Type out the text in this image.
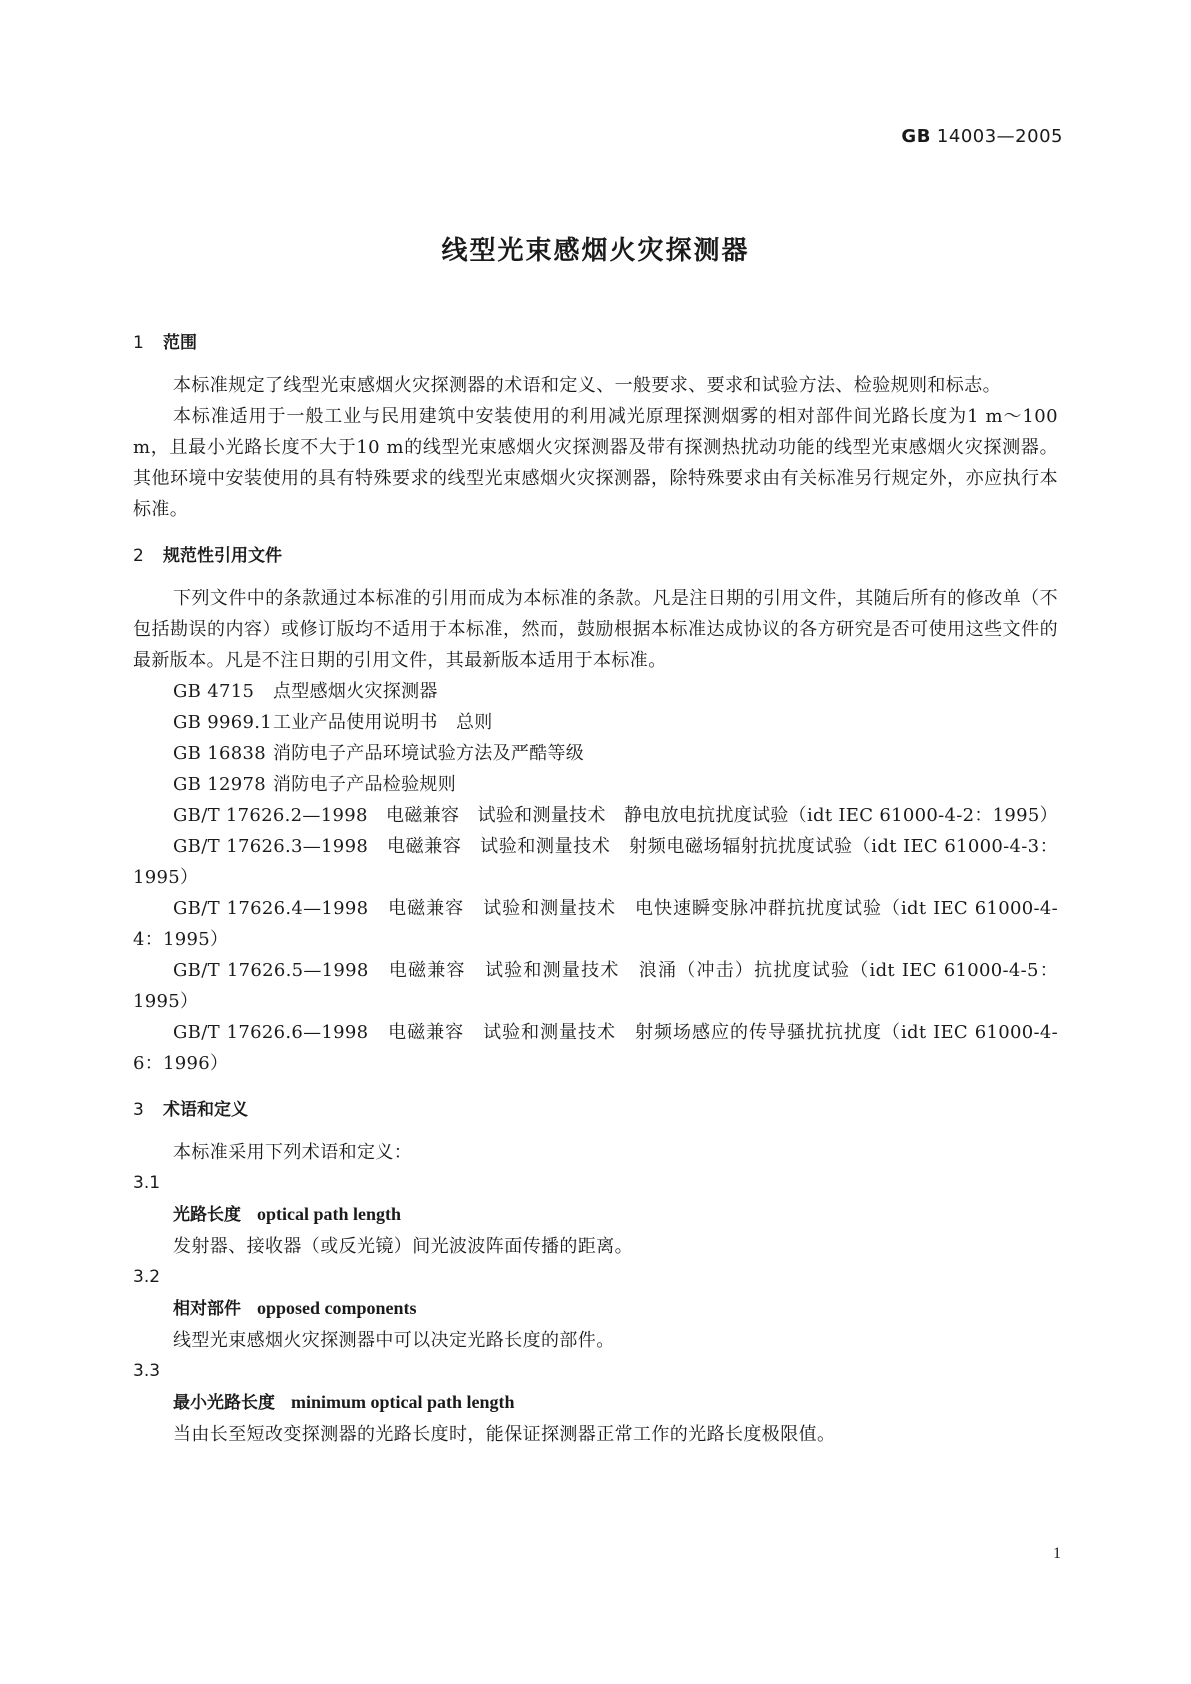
GB 14003—2005
线型光束感烟火灾探测器

1 范围

本标准规定了线型光束感烟火灾探测器的术语和定义、一般要求、要求和试验方法、检验规则和标志。

本标准适用于一般工业与民用建筑中安装使用的利用减光原理探测烟雾的相对部件间光路长度为1 m～100 m，且最小光路长度不大于10 m的线型光束感烟火灾探测器及带有探测热扰动功能的线型光束感烟火灾探测器。其他环境中安装使用的具有特殊要求的线型光束感烟火灾探测器，除特殊要求由有关标准另行规定外，亦应执行本标准。

2 规范性引用文件

下列文件中的条款通过本标准的引用而成为本标准的条款。凡是注日期的引用文件，其随后所有的修改单（不包括勘误的内容）或修订版均不适用于本标准，然而，鼓励根据本标准达成协议的各方研究是否可使用这些文件的最新版本。凡是不注日期的引用文件，其最新版本适用于本标准。

GB 4715 点型感烟火灾探测器

GB 9969.1工业产品使用说明书　总则

GB 16838 消防电子产品环境试验方法及严酷等级

GB 12978 消防电子产品检验规则

GB/T 17626.2—1998　电磁兼容　试验和测量技术　静电放电抗扰度试验（idt IEC 61000-4-2：1995）

GB/T 17626.3—1998　电磁兼容　试验和测量技术　射频电磁场辐射抗扰度试验（idt IEC 61000-4-3：1995）

GB/T 17626.4—1998　电磁兼容　试验和测量技术　电快速瞬变脉冲群抗扰度试验（idt IEC 61000-4-4：1995）

GB/T 17626.5—1998　电磁兼容　试验和测量技术　浪涌（冲击）抗扰度试验（idt IEC 61000-4-5：1995）

GB/T 17626.6—1998　电磁兼容　试验和测量技术　射频场感应的传导骚扰抗扰度（idt IEC 61000-4-6：1996）

3 术语和定义

本标准采用下列术语和定义：

3.1

光路长度 optical path length

发射器、接收器（或反光镜）间光波波阵面传播的距离。

3.2

相对部件 opposed components

线型光束感烟火灾探测器中可以决定光路长度的部件。

3.3

最小光路长度 minimum optical path length

当由长至短改变探测器的光路长度时，能保证探测器正常工作的光路长度极限值。

1
